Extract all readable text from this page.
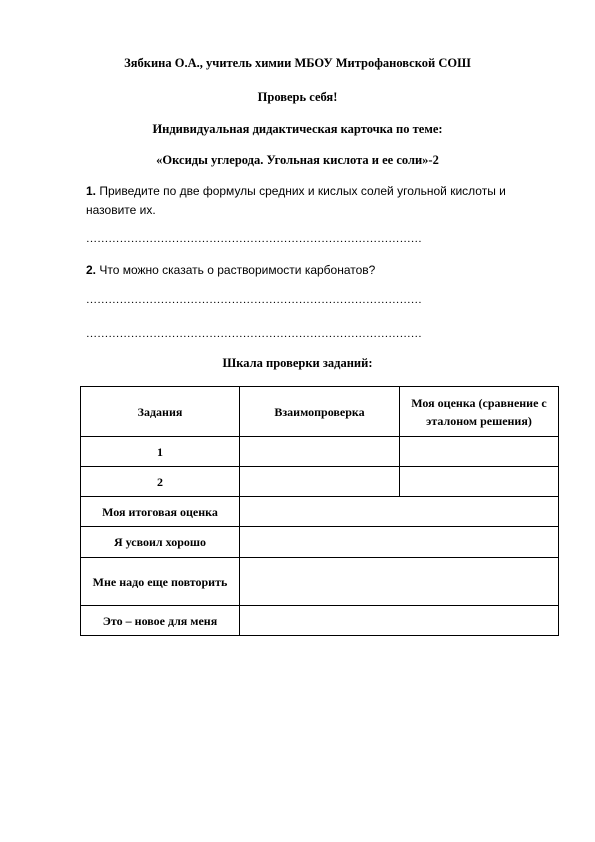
Зябкина О.А., учитель химии МБОУ Митрофановской СОШ
Проверь себя!
Индивидуальная дидактическая карточка по теме:
«Оксиды углерода. Угольная кислота и ее соли»-2
1. Приведите по две формулы средних и кислых солей угольной кислоты и
назовите их.
………………………………………………………………………………
2. Что можно сказать о растворимости карбонатов?
………………………………………………………………………………
………………………………………………………………………………
Шкала проверки заданий:
Задания	Взаимопроверка	Моя оценка (сравнение с эталоном решения)
1		
2		
Моя итоговая оценка		
Я усвоил хорошо		
Мне надо еще повторить		
Это – новое для меня		
